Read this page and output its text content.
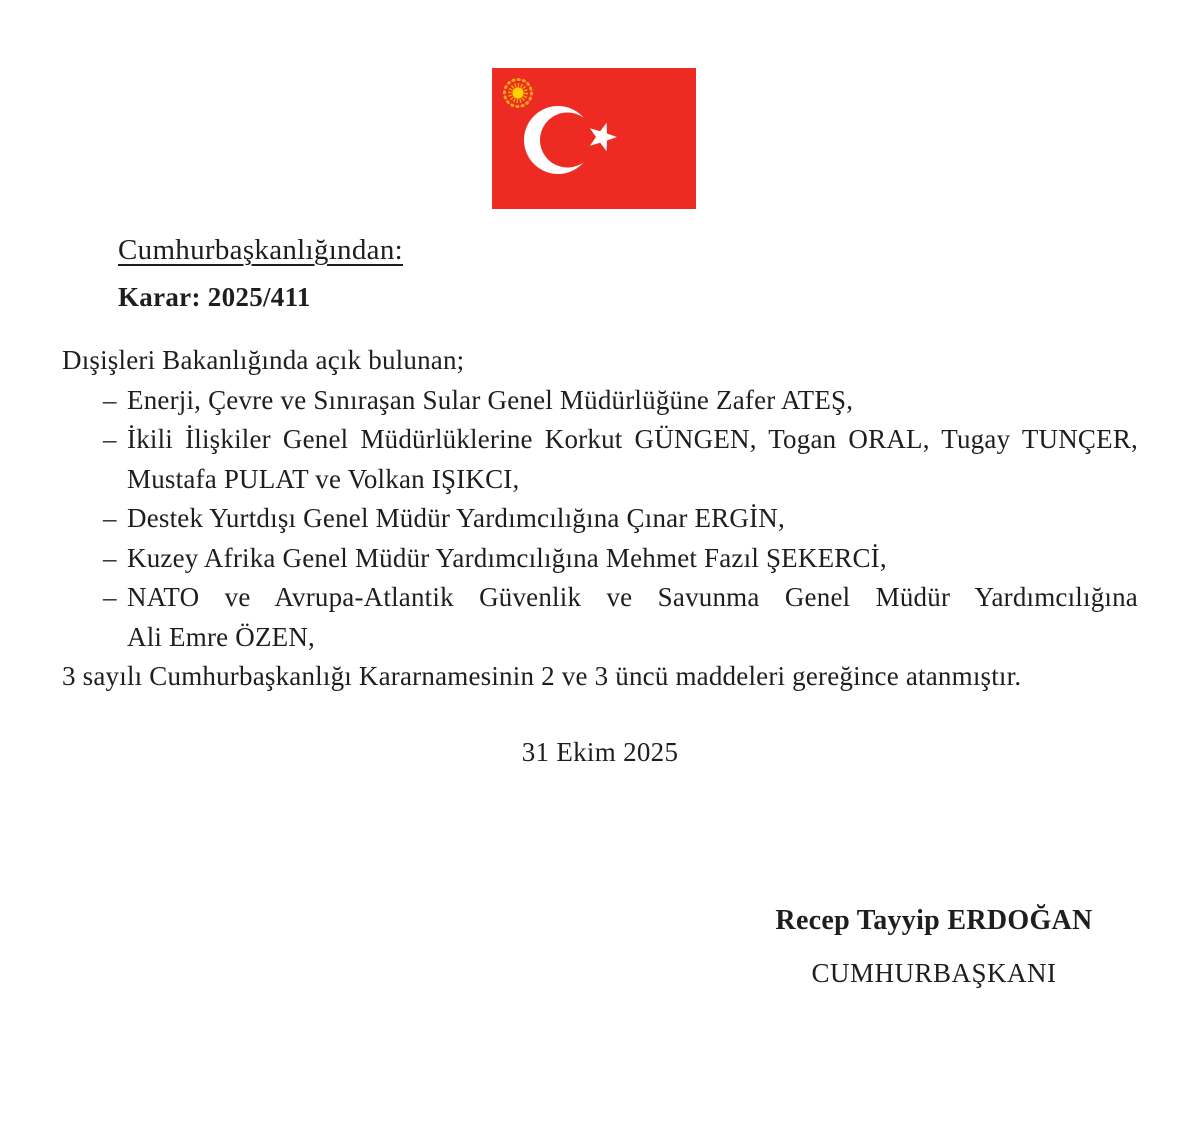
Cumhurbaşkanlığından:
Karar: 2025/411
Dışişleri Bakanlığında açık bulunan;
– Enerji, Çevre ve Sınıraşan Sular Genel Müdürlüğüne Zafer ATEŞ,
– İkili İlişkiler Genel Müdürlüklerine Korkut GÜNGEN, Togan ORAL, Tugay TUNÇER,
Mustafa PULAT ve Volkan IŞIKCI,
– Destek Yurtdışı Genel Müdür Yardımcılığına Çınar ERGİN,
– Kuzey Afrika Genel Müdür Yardımcılığına Mehmet Fazıl ŞEKERCİ,
– NATO ve Avrupa-Atlantik Güvenlik ve Savunma Genel Müdür Yardımcılığına
Ali Emre ÖZEN,
3 sayılı Cumhurbaşkanlığı Kararnamesinin 2 ve 3 üncü maddeleri gereğince atanmıştır.
31 Ekim 2025
Recep Tayyip ERDOĞAN
CUMHURBAŞKANI
